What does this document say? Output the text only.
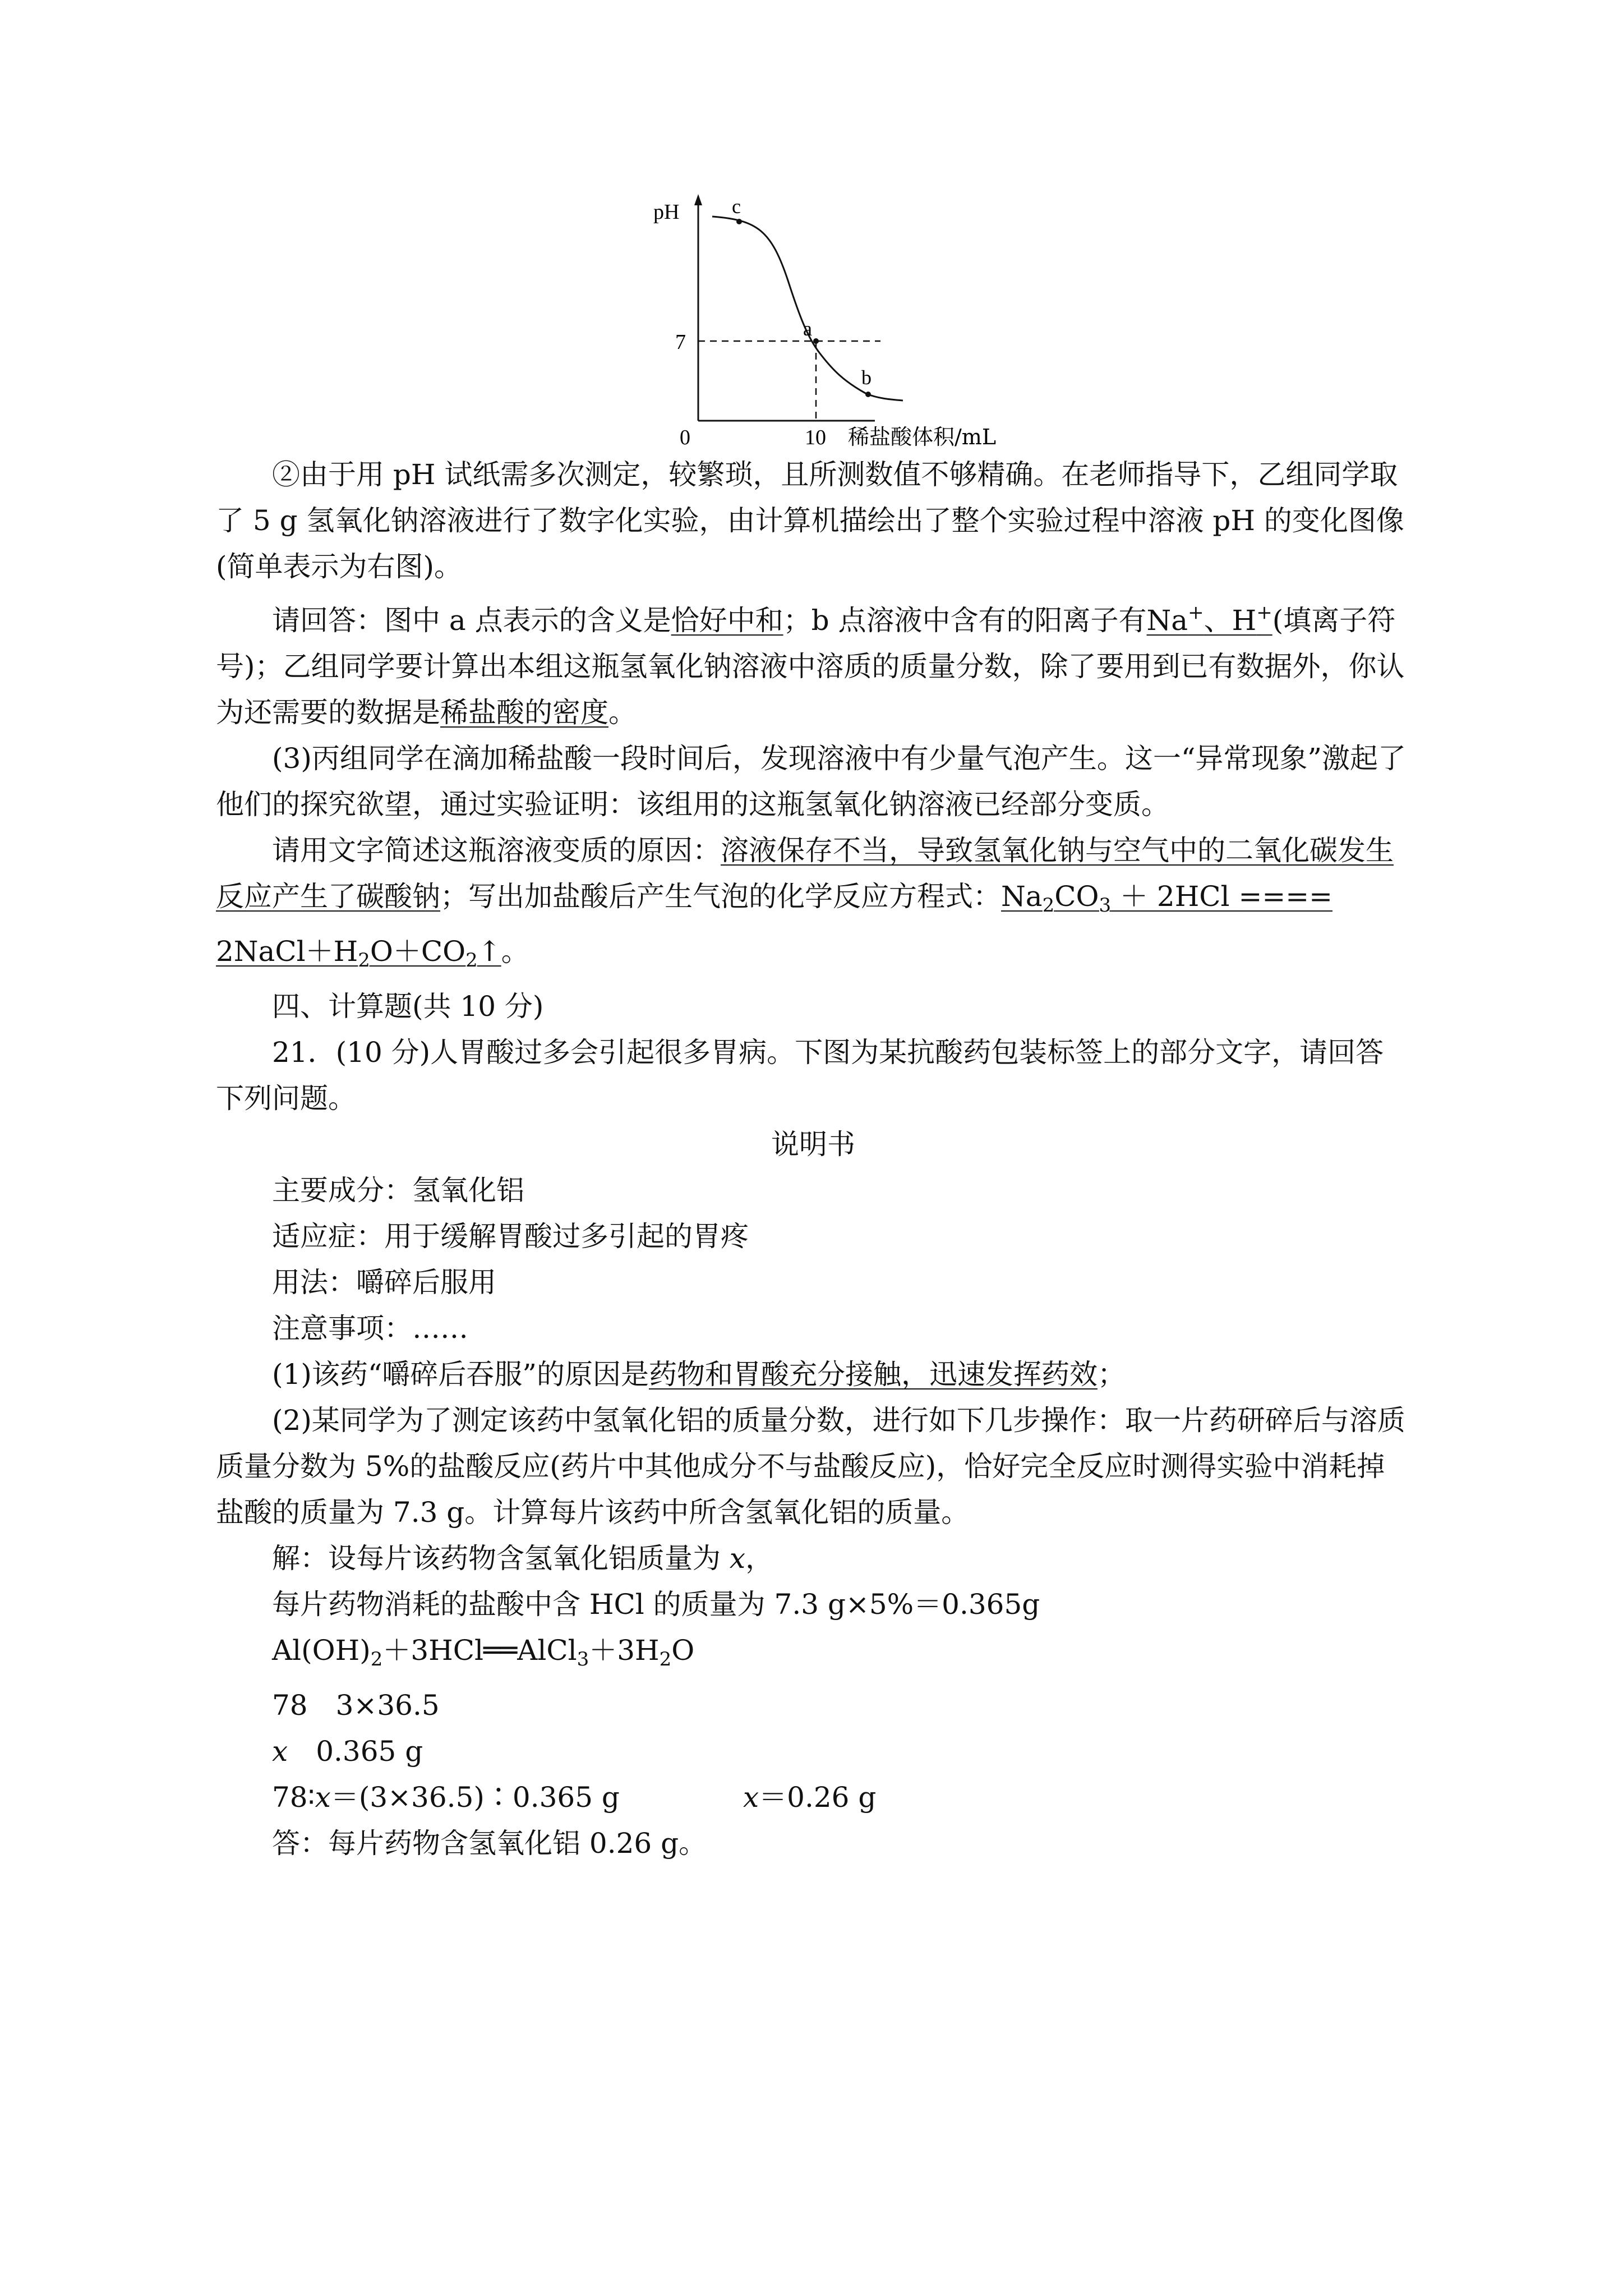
pH	c
a
b
7
0	10 稀盐酸体积/mL

②由于用 pH 试纸需多次测定，较繁琐，且所测数值不够精确。在老师指导下，乙组同学取了 5 g 氢氧化钠溶液进行了数字化实验，由计算机描绘出了整个实验过程中溶液 pH 的变化图像(简单表示为右图)。

请回答：图中 a 点表示的含义是恰好中和；b 点溶液中含有的阳离子有Na+、H+(填离子符号)；乙组同学要计算出本组这瓶氢氧化钠溶液中溶质的质量分数，除了要用到已有数据外，你认为还需要的数据是稀盐酸的密度。

(3)丙组同学在滴加稀盐酸一段时间后，发现溶液中有少量气泡产生。这一“异常现象”激起了他们的探究欲望，通过实验证明：该组用的这瓶氢氧化钠溶液已经部分变质。

请用文字简述这瓶溶液变质的原因：溶液保存不当，导致氢氧化钠与空气中的二氧化碳发生反应产生了碳酸钠；写出加盐酸后产生气泡的化学反应方程式：$Na_2CO_3 + 2HCl$ ==== $2NaCl+H_2O+CO_2↑$。

四、计算题(共 10 分)

21．(10 分)人胃酸过多会引起很多胃病。下图为某抗酸药包装标签上的部分文字，请回答下列问题。

说明书

主要成分：氢氧化铝

适应症：用于缓解胃酸过多引起的胃疼

用法：嚼碎后服用

注意事项：……

(1)该药“嚼碎后吞服”的原因是药物和胃酸充分接触，迅速发挥药效；

(2)某同学为了测定该药中氢氧化铝的质量分数，进行如下几步操作：取一片药研碎后与溶质质量分数为 5%的盐酸反应(药片中其他成分不与盐酸反应)，恰好完全反应时测得实验中消耗掉盐酸的质量为 7.3 g。计算每片该药中所含氢氧化铝的质量。

解：设每片该药物含氢氧化铝质量为 x，

每片药物消耗的盐酸中含 HCl 的质量为 7.3 g×5%＝0.365g

$Al(OH)_2+3HCl══AlCl_3+3H_2O$

78　3×36.5

x　0.365 g

78∶x＝(3×36.5)∶0.365 g	x＝0.26 g

答：每片药物含氢氧化铝 0.26 g。
